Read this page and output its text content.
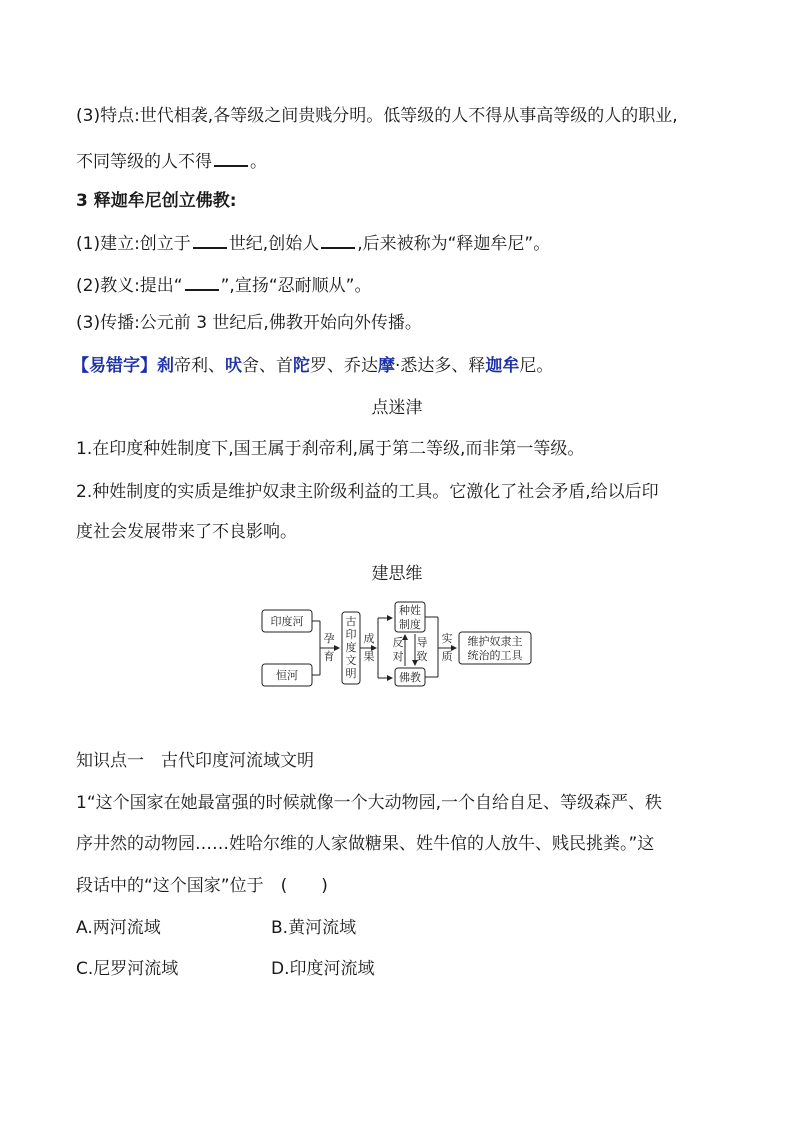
(3)特点:世代相袭,各等级之间贵贱分明。低等级的人不得从事高等级的人的职业,
不同等级的人不得 。
3 释迦牟尼创立佛教:
(1)建立:创立于 世纪,创始人 ,后来被称为“释迦牟尼”。
(2)教义:提出“ ”,宣扬“忍耐顺从”。
(3)传播:公元前 3 世纪后,佛教开始向外传播。
【易错字】刹帝利、吠舍、首陀罗、乔达摩·悉达多、释迦牟尼。
点迷津
1.在印度种姓制度下,国王属于刹帝利,属于第二等级,而非第一等级。
2.种姓制度的实质是维护奴隶主阶级利益的工具。它激化了社会矛盾,给以后印
度社会发展带来了不良影响。
建思维
印度河
恒河
孕
育
古
印
度
文
明
成
果
种姓
制度
反
对
导
致
佛教
实
质
维护奴隶主
统治的工具
知识点一　古代印度河流域文明
1“这个国家在她最富强的时候就像一个大动物园,一个自给自足、等级森严、秩
序井然的动物园……姓哈尔维的人家做糖果、姓牛倌的人放牛、贱民挑粪。”这
段话中的“这个国家”位于　(　　)
A.两河流域	B.黄河流域
C.尼罗河流域	D.印度河流域
